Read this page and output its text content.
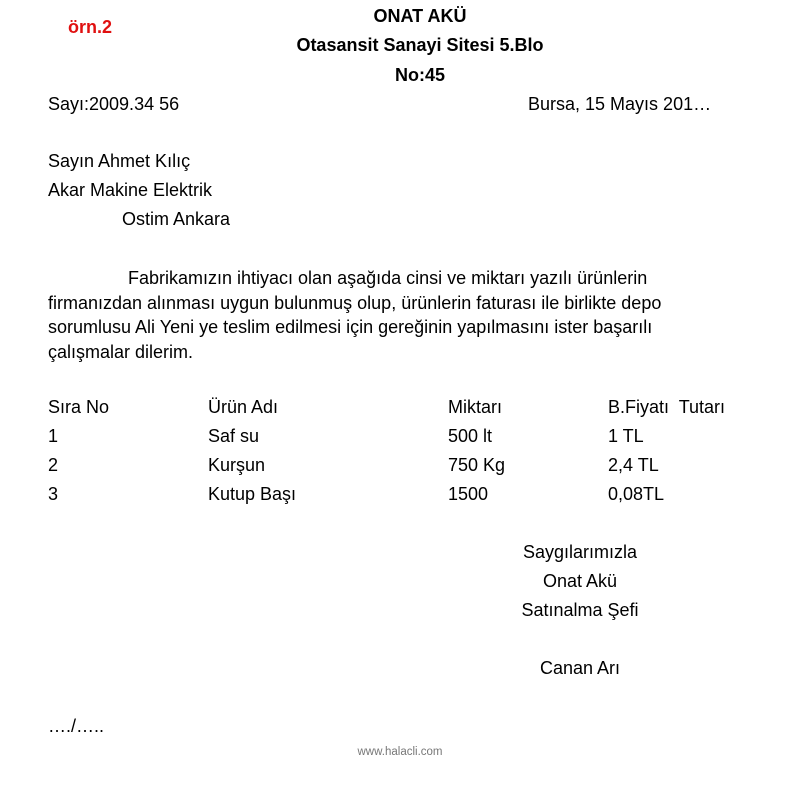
örn.2
ONAT AKÜ
Otasansit Sanayi Sitesi 5.Blo
No:45
Sayı:2009.34 56	Bursa, 15 Mayıs 201…
Sayın Ahmet Kılıç
Akar Makine Elektrik
Ostim Ankara
Fabrikamızın ihtiyacı olan aşağıda cinsi ve miktarı yazılı ürünlerin
firmanızdan alınması uygun bulunmuş olup, ürünlerin faturası ile birlikte depo
sorumlusu Ali Yeni ye teslim edilmesi için gereğinin yapılmasını ister başarılı
çalışmalar dilerim.
Sıra No	Ürün Adı	Miktarı	B.Fiyatı  Tutarı
1	Saf su	500 lt	1 TL
2	Kurşun	750 Kg	2,4 TL
3	Kutup Başı	1500	0,08TL
Saygılarımızla
Onat Akü
Satınalma Şefi
Canan Arı
…./…..
www.halacli.com
